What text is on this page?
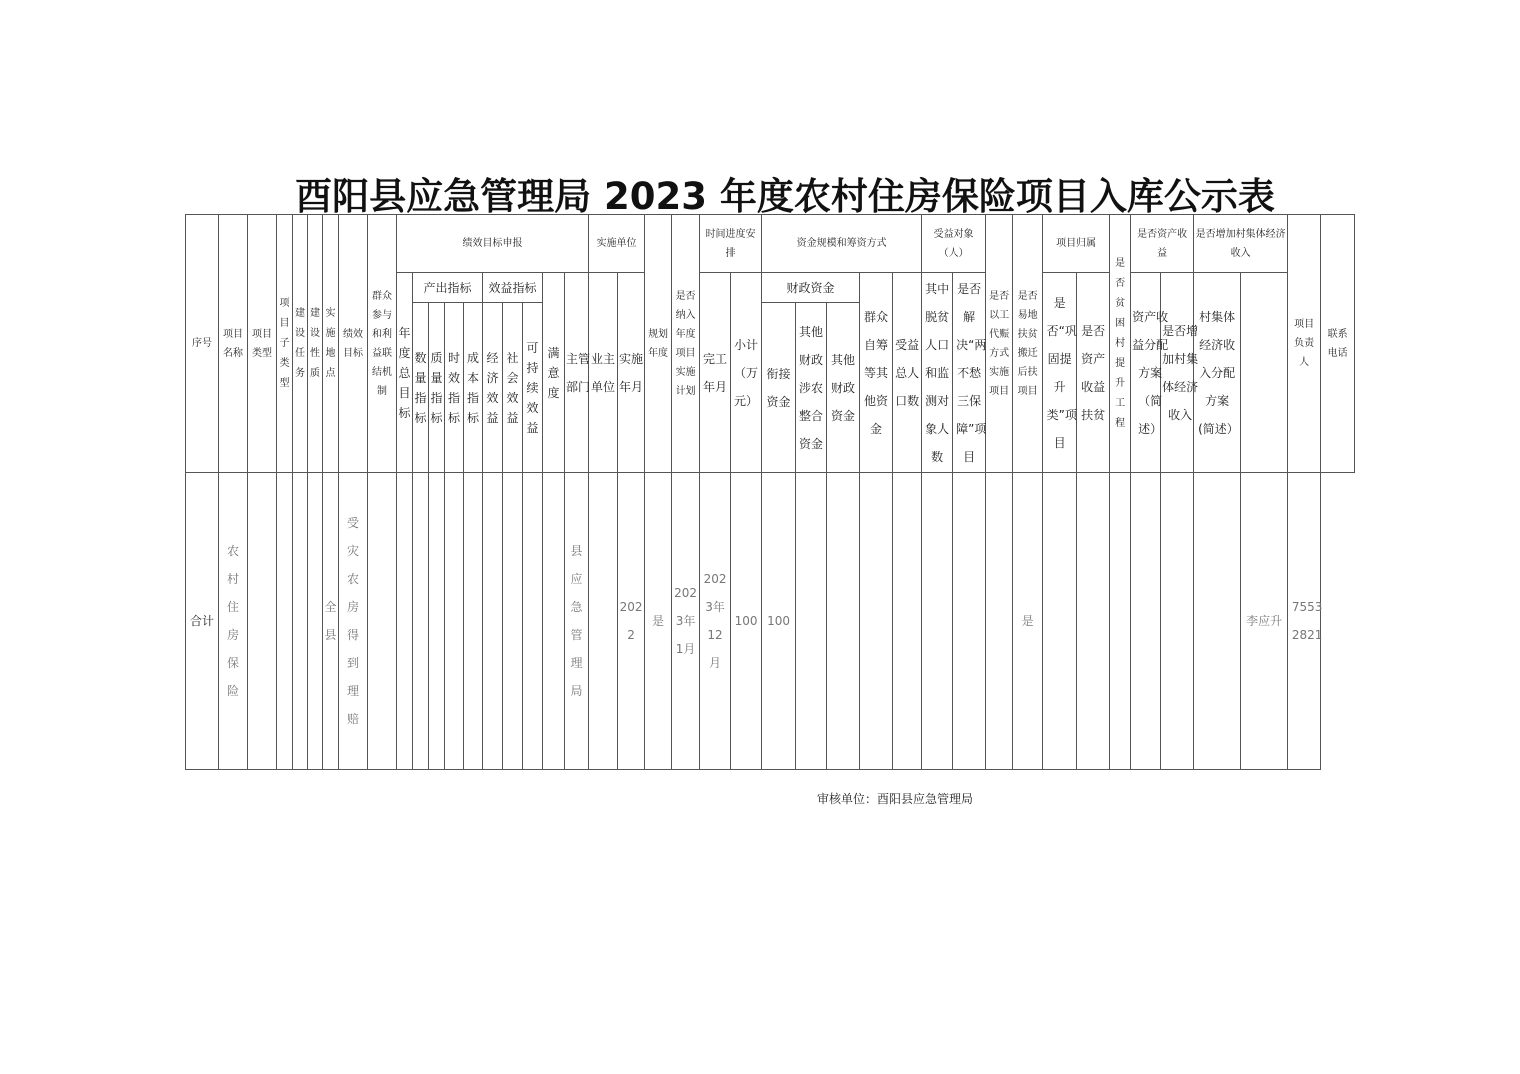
酉阳县应急管理局 2023 年度农村住房保险项目入库公示表
序号	项目名称	项目类型	项目子类型	建设任务	建设性质	实施地点	绩效目标	群众参与和利益联结机制	绩效目标申报										实施单位		规划年度	是否纳入年度项目实施计划	时间进度安排		资金规模和筹资方式					受益对象（人）		是否以工代赈方式实施项目	是否易地扶贫搬迁后扶项目	项目归属		是否贫困村提升工程	是否资产收益		是否增加村集体经济收入		项目负责人	联系电话

									年度总目标	产出指标				效益指标			满意度	主管部门	业主单位	实施年月			完工年月	小计（万元）	财政资金			群众自筹等其他资金	受益总人口数	其中脱贫人口和监测对象人数	是否解决“两不愁三保障”项目			是否“巩固提升类”项目	是否资产收益扶贫		资产收益分配方案（简述）	是否增加村集体经济收入	村集体经济收入分配方案(简述）			

										数量指标	质量指标	时效指标	成本指标	经济效益	社会效益	可持续效益									衔接资金	其他财政涉农整合资金	其他财政资金															

合计	农村住房保险					全县	受灾农房得到理赔											县应急管理局		2022	是	2023年1月	2023年12月	100	100								是							李应升	75532821	
审核单位：酉阳县应急管理局
